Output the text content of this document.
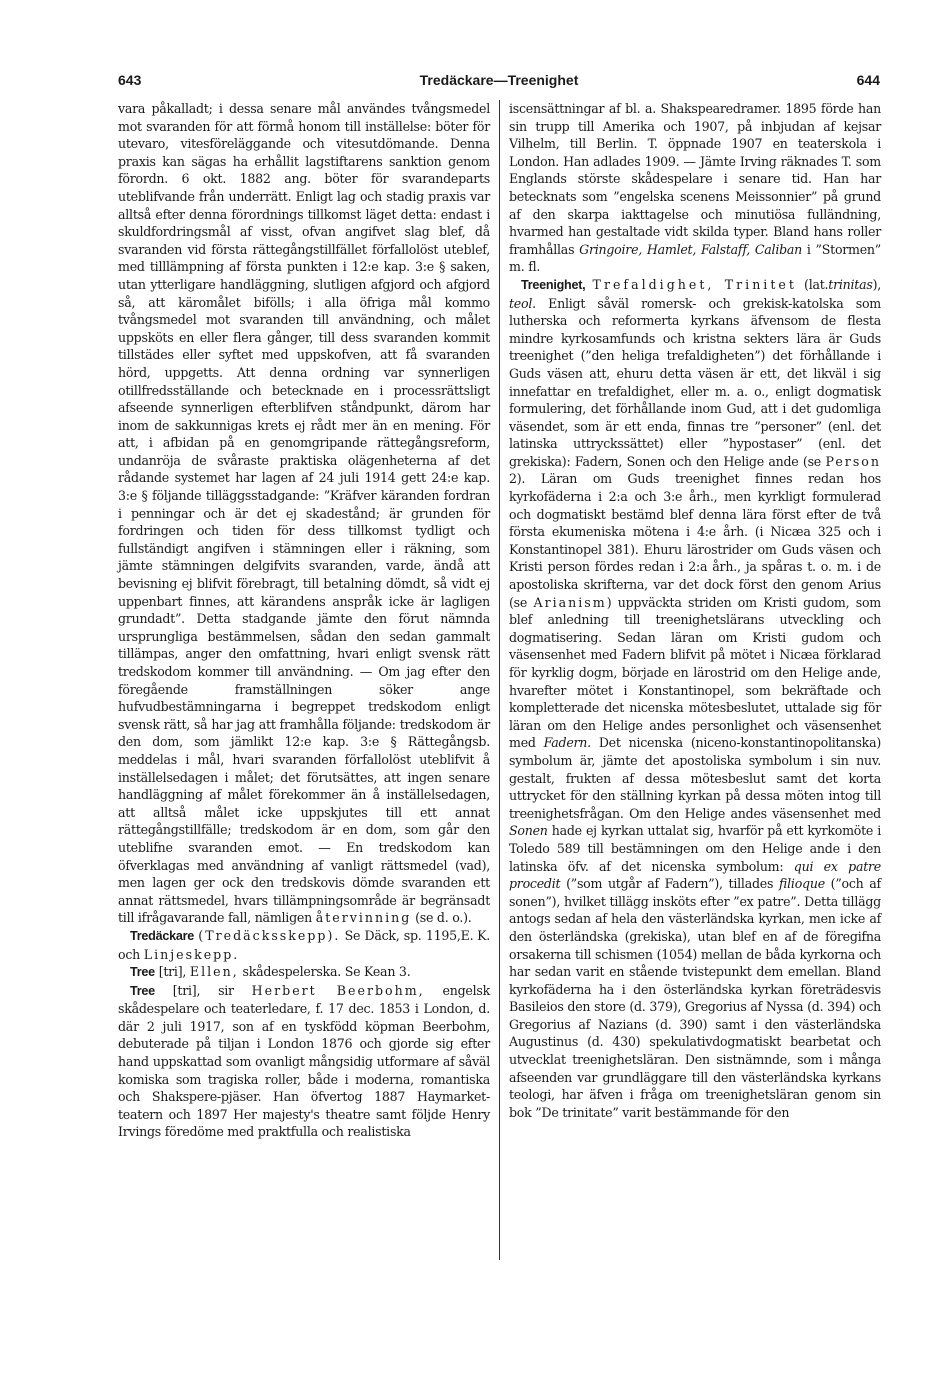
643	Tredäckare—Treenighet	644

vara påkalladt; i dessa senare mål användes tvångsmedel mot svaranden för att förmå honom till inställelse: böter för utevaro, vitesföreläggande och vitesutdömande. Denna praxis kan sägas ha erhållit lagstiftarens sanktion genom förordn. 6 okt. 1882 ang. böter för svarandeparts uteblifvande från underrätt. Enligt lag och stadig praxis var alltså efter denna förordnings tillkomst läget detta: endast i skuldfordringsmål af visst, ofvan angifvet slag blef, då svaranden vid första rättegångstillfället förfallolöst uteblef, med tilllämpning af första punkten i 12:e kap. 3:e § saken, utan ytterligare handläggning, slutligen afgjord och afgjord så, att käromålet bifölls; i alla öfriga mål kommo tvångsmedel mot svaranden till användning, och målet uppsköts en eller flera gånger, till dess svaranden kommit tillstädes eller syftet med uppskofven, att få svaranden hörd, uppgetts. Att denna ordning var synnerligen otillfredsställande och betecknade en i processrättsligt afseende synnerligen efterblifven ståndpunkt, därom har inom de sakkunnigas krets ej rådt mer än en mening. För att, i afbidan på en genomgripande rättegångsreform, undanröja de svåraste praktiska olägenheterna af det rådande systemet har lagen af 24 juli 1914 gett 24:e kap. 3:e § följande tilläggsstadgande: ”Kräfver käranden fordran i penningar och är det ej skadestånd; är grunden för fordringen och tiden för dess tillkomst tydligt och fullständigt angifven i stämningen eller i räkning, som jämte stämningen delgifvits svaranden, varde, ändå att bevisning ej blifvit förebragt, till betalning dömdt, så vidt ej uppenbart finnes, att kärandens anspråk icke är lagligen grundadt”. Detta stadgande jämte den förut nämnda ursprungliga bestämmelsen, sådan den sedan gammalt tillämpas, anger den omfattning, hvari enligt svensk rätt tredskodom kommer till användning. — Om jag efter den föregående framställningen söker ange hufvudbestämningarna i begreppet tredskodom enligt svensk rätt, så har jag att framhålla följande: tredskodom är den dom, som jämlikt 12:e kap. 3:e § Rättegångsb. meddelas i mål, hvari svaranden förfallolöst uteblifvit å inställelsedagen i målet; det förutsättes, att ingen senare handläggning af målet förekommer än å inställelsedagen, att alltså målet icke uppskjutes till ett annat rättegångstillfälle; tredskodom är en dom, som går den uteblifne svaranden emot. — En tredskodom kan öfverklagas med användning af vanligt rättsmedel (vad), men lagen ger ock den tredskovis dömde svaranden ett annat rättsmedel, hvars tillämpningsområde är begränsadt till ifrågavarande fall, nämligen återvinning (se d. o.).
E. K.

Tredäckare (Tredäcksskepp). Se Däck, sp. 1195, och Linjeskepp.

Tree [tri], Ellen, skådespelerska. Se Kean 3.

Tree [tri], sir Herbert Beerbohm, engelsk skådespelare och teaterledare, f. 17 dec. 1853 i London, d. där 2 juli 1917, son af en tyskfödd köpman Beerbohm, debuterade på tiljan i London 1876 och gjorde sig efter hand uppskattad som ovanligt mångsidig utformare af såväl komiska som tragiska roller, både i moderna, romantiska och Shakspere-pjäser. Han öfvertog 1887 Haymarket-teatern och 1897 Her majesty's theatre samt följde Henry Irvings föredöme med praktfulla och realistiska

iscensättningar af bl. a. Shakspearedramer. 1895 förde han sin trupp till Amerika och 1907, på inbjudan af kejsar Vilhelm, till Berlin. T. öppnade 1907 en teaterskola i London. Han adlades 1909. — Jämte Irving räknades T. som Englands störste skådespelare i senare tid. Han har betecknats som ”engelska scenens Meissonnier” på grund af den skarpa iakttagelse och minutiösa fulländning, hvarmed han gestaltade vidt skilda typer. Bland hans roller framhållas Gringoire, Hamlet, Falstaff, Caliban i ”Stormen” m. fl.

Treenighet, Trefaldighet, Trinitet (lat.trinitas), teol. Enligt såväl romersk- och grekisk-katolska som lutherska och reformerta kyrkans äfvensom de flesta mindre kyrkosamfunds och kristna sekters lära är Guds treenighet (”den heliga trefaldigheten”) det förhållande i Guds väsen att, ehuru detta väsen är ett, det likväl i sig innefattar en trefaldighet, eller m. a. o., enligt dogmatisk formulering, det förhållande inom Gud, att i det gudomliga väsendet, som är ett enda, finnas tre ”personer” (enl. det latinska uttryckssättet) eller ”hypostaser” (enl. det grekiska): Fadern, Sonen och den Helige ande (se Person 2). Läran om Guds treenighet finnes redan hos kyrkofäderna i 2:a och 3:e årh., men kyrkligt formulerad och dogmatiskt bestämd blef denna lära först efter de två första ekumeniska mötena i 4:e årh. (i Nicæa 325 och i Konstantinopel 381). Ehuru lärostrider om Guds väsen och Kristi person fördes redan i 2:a årh., ja spåras t. o. m. i de apostoliska skrifterna, var det dock först den genom Arius (se Arianism) uppväckta striden om Kristi gudom, som blef anledning till treenighetslärans utveckling och dogmatisering. Sedan läran om Kristi gudom och väsensenhet med Fadern blifvit på mötet i Nicæa förklarad för kyrklig dogm, började en lärostrid om den Helige ande, hvarefter mötet i Konstantinopel, som bekräftade och kompletterade det nicenska mötesbeslutet, uttalade sig för läran om den Helige andes personlighet och väsensenhet med Fadern. Det nicenska (niceno-konstantinopolitanska) symbolum är, jämte det apostoliska symbolum i sin nuv. gestalt, frukten af dessa mötesbeslut samt det korta uttrycket för den ställning kyrkan på dessa möten intog till treenighetsfrågan. Om den Helige andes väsensenhet med Sonen hade ej kyrkan uttalat sig, hvarför på ett kyrkomöte i Toledo 589 till bestämningen om den Helige ande i den latinska öfv. af det nicenska symbolum: qui ex patre procedit (”som utgår af Fadern”), tillades filioque (”och af sonen”), hvilket tillägg insköts efter ”ex patre”. Detta tillägg antogs sedan af hela den västerländska kyrkan, men icke af den österländska (grekiska), utan blef en af de föregifna orsakerna till schismen (1054) mellan de båda kyrkorna och har sedan varit en stående tvistepunkt dem emellan. Bland kyrkofäderna ha i den österländska kyrkan företrädesvis Basileios den store (d. 379), Gregorius af Nyssa (d. 394) och Gregorius af Nazians (d. 390) samt i den västerländska Augustinus (d. 430) spekulativdogmatiskt bearbetat och utvecklat treenighetsläran. Den sistnämnde, som i många afseenden var grundläggare till den västerländska kyrkans teologi, har äfven i fråga om treenighetsläran genom sin bok ”De trinitate” varit bestämmande för den
